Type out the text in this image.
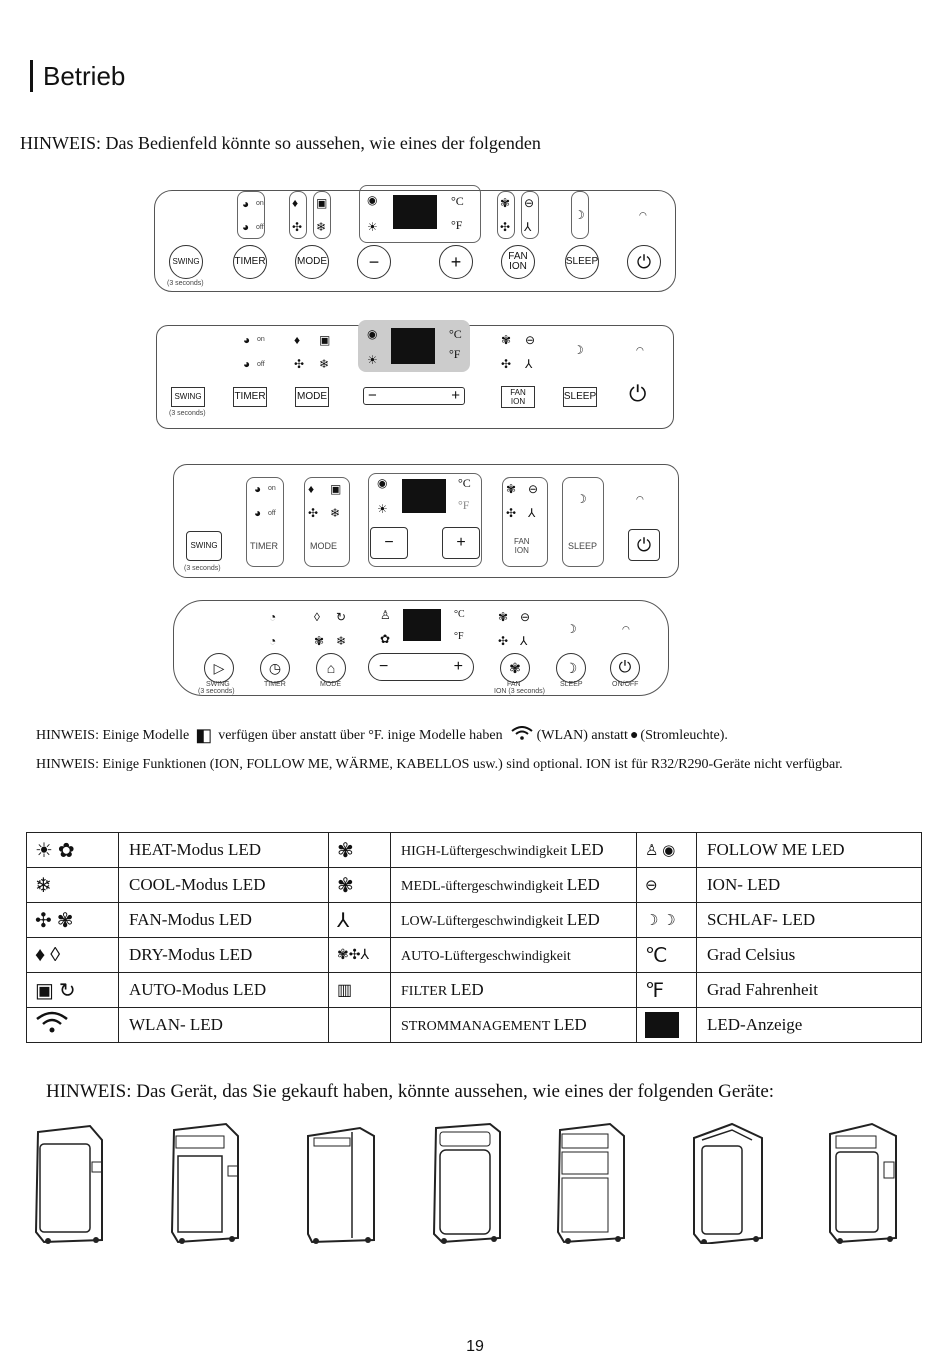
Betrieb
HINWEIS: Das Bedienfeld könnte so aussehen, wie eines der folgenden
◕ on
◕ off
♦ ▣
✣ ❄
◉
☀
°C
°F
✾ ⊖
✣ ⅄
☽	◠
SWING	TIMER	MODE	−	+	FAN
ION	SLEEP ⏻
(3 seconds)
◕ on
◕ off
♦ ▣
✣ ❄
◉
☀
°C
°F
✾ ⊖
✣ ⅄
☽	◠
SWING	TIMER	MODE	−	+	FAN
ION	SLEEP ⏻
(3 seconds)
◕ on
◕ off
TIMER
♦ ▣
✣ ❄
MODE
◉
☀
°C
°F
−	+
✾ ⊖
✣ ⅄
FAN
ION
☽
SLEEP
◠
SWING	⏻
(3 seconds)
◔
◔
◊ ↻
✾ ❄
♙
✿
°C
°F
✾ ⊖
✣ ⅄
☽	◠
▷	◷	⌂	−	+	✾	☽	⏻
SWING
(3 seconds)
TIMER	MODE	FAN
ION (3 seconds)
SLEEP	ON/OFF
HINWEIS: Einige Modelle ◧ verfügen über anstatt über °F. inige Modelle haben (WLAN) anstatt ● (Stromleuchte).
HINWEIS: Einige Funktionen (ION, FOLLOW ME, WÄRME, KABELLOS usw.) sind optional. ION ist für R32/R290-Geräte nicht verfügbar.
☀ ✿	HEAT-Modus LED	✾	HIGH-Lüftergeschwindigkeit LED	♙ ◉	FOLLOW ME LED
❄	COOL-Modus LED	✾	MEDL-üftergeschwindigkeit LED	⊖	ION- LED
✣ ✾	FAN-Modus LED	⅄	LOW-Lüftergeschwindigkeit LED	☽ ☽	SCHLAF- LED
♦ ◊	DRY-Modus LED	✾✣⅄	AUTO-Lüftergeschwindigkeit	℃	Grad Celsius
▣ ↻	AUTO-Modus LED	▥	FILTER LED	℉	Grad Fahrenheit
	WLAN- LED		STROMMANAGEMENT LED		LED-Anzeige
HINWEIS: Das Gerät, das Sie gekauft haben, könnte aussehen, wie eines der folgenden Geräte:
19
